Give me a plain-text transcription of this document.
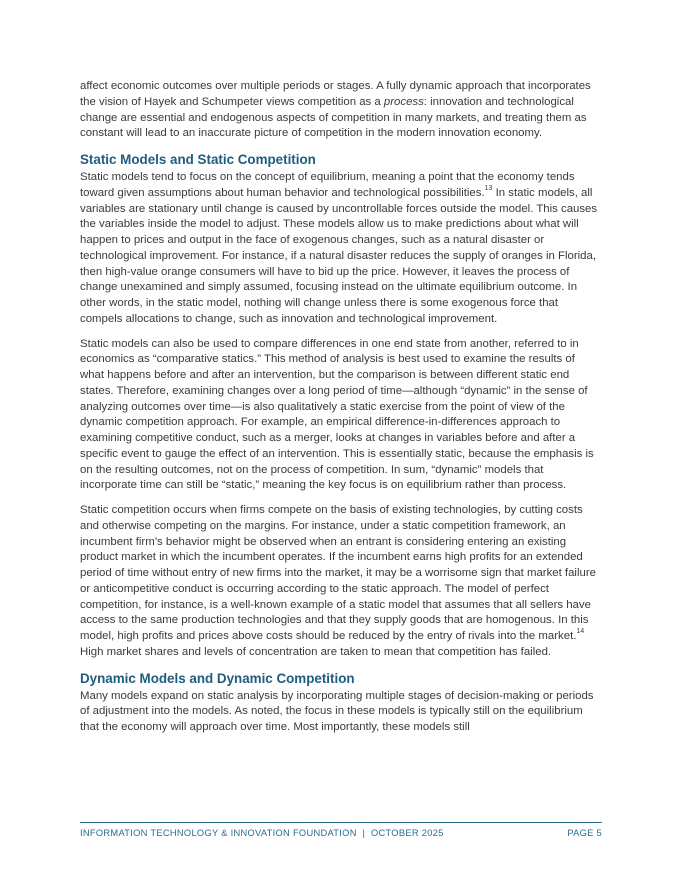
affect economic outcomes over multiple periods or stages. A fully dynamic approach that incorporates the vision of Hayek and Schumpeter views competition as a process: innovation and technological change are essential and endogenous aspects of competition in many markets, and treating them as constant will lead to an inaccurate picture of competition in the modern innovation economy.

Static Models and Static Competition

Static models tend to focus on the concept of equilibrium, meaning a point that the economy tends toward given assumptions about human behavior and technological possibilities.$^{13}$ In static models, all variables are stationary until change is caused by uncontrollable forces outside the model. This causes the variables inside the model to adjust. These models allow us to make predictions about what will happen to prices and output in the face of exogenous changes, such as a natural disaster or technological improvement. For instance, if a natural disaster reduces the supply of oranges in Florida, then high-value orange consumers will have to bid up the price. However, it leaves the process of change unexamined and simply assumed, focusing instead on the ultimate equilibrium outcome. In other words, in the static model, nothing will change unless there is some exogenous force that compels allocations to change, such as innovation and technological improvement.

Static models can also be used to compare differences in one end state from another, referred to in economics as “comparative statics.” This method of analysis is best used to examine the results of what happens before and after an intervention, but the comparison is between different static end states. Therefore, examining changes over a long period of time—although “dynamic” in the sense of analyzing outcomes over time—is also qualitatively a static exercise from the point of view of the dynamic competition approach. For example, an empirical difference-in-differences approach to examining competitive conduct, such as a merger, looks at changes in variables before and after a specific event to gauge the effect of an intervention. This is essentially static, because the emphasis is on the resulting outcomes, not on the process of competition. In sum, “dynamic” models that incorporate time can still be “static,” meaning the key focus is on equilibrium rather than process.

Static competition occurs when firms compete on the basis of existing technologies, by cutting costs and otherwise competing on the margins. For instance, under a static competition framework, an incumbent firm’s behavior might be observed when an entrant is considering entering an existing product market in which the incumbent operates. If the incumbent earns high profits for an extended period of time without entry of new firms into the market, it may be a worrisome sign that market failure or anticompetitive conduct is occurring according to the static approach. The model of perfect competition, for instance, is a well-known example of a static model that assumes that all sellers have access to the same production technologies and that they supply goods that are homogenous. In this model, high profits and prices above costs should be reduced by the entry of rivals into the market.$^{14}$ High market shares and levels of concentration are taken to mean that competition has failed.

Dynamic Models and Dynamic Competition

Many models expand on static analysis by incorporating multiple stages of decision-making or periods of adjustment into the models. As noted, the focus in these models is typically still on the equilibrium that the economy will approach over time. Most importantly, these models still

INFORMATION TECHNOLOGY & INNOVATION FOUNDATION  |  OCTOBER 2025	PAGE 5
